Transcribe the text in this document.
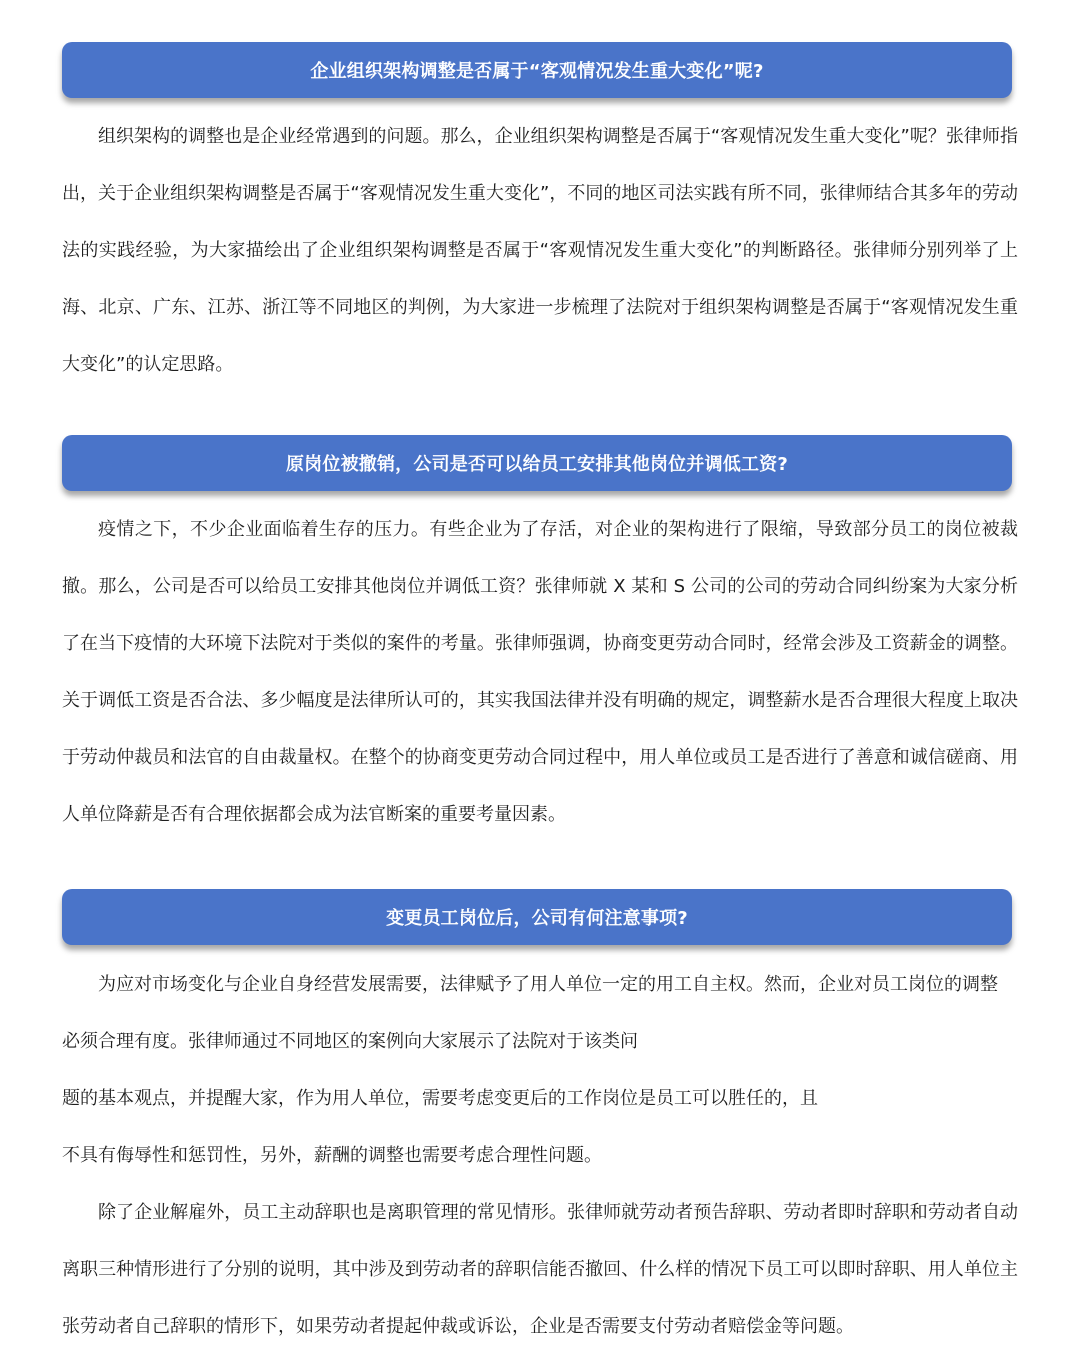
企业组织架构调整是否属于“客观情况发生重大变化”呢?

组织架构的调整也是企业经常遇到的问题。那么，企业组织架构调整是否属于“客观情况发生重大变化”呢？张律师指出，关于企业组织架构调整是否属于“客观情况发生重大变化”，不同的地区司法实践有所不同，张律师结合其多年的劳动法的实践经验，为大家描绘出了企业组织架构调整是否属于“客观情况发生重大变化”的判断路径。张律师分别列举了上海、北京、广东、江苏、浙江等不同地区的判例，为大家进一步梳理了法院对于组织架构调整是否属于“客观情况发生重大变化”的认定思路。

原岗位被撤销，公司是否可以给员工安排其他岗位并调低工资?

疫情之下，不少企业面临着生存的压力。有些企业为了存活，对企业的架构进行了限缩，导致部分员工的岗位被裁撤。那么，公司是否可以给员工安排其他岗位并调低工资？张律师就 X 某和 S 公司的公司的劳动合同纠纷案为大家分析了在当下疫情的大环境下法院对于类似的案件的考量。张律师强调，协商变更劳动合同时，经常会涉及工资薪金的调整。关于调低工资是否合法、多少幅度是法律所认可的，其实我国法律并没有明确的规定，调整薪水是否合理很大程度上取决于劳动仲裁员和法官的自由裁量权。在整个的协商变更劳动合同过程中，用人单位或员工是否进行了善意和诚信磋商、用人单位降薪是否有合理依据都会成为法官断案的重要考量因素。

变更员工岗位后，公司有何注意事项?

为应对市场变化与企业自身经营发展需要，法律赋予了用人单位一定的用工自主权。然而，企业对员工岗位的调整

必须合理有度。张律师通过不同地区的案例向大家展示了法院对于该类问

题的基本观点，并提醒大家，作为用人单位，需要考虑变更后的工作岗位是员工可以胜任的，且

不具有侮辱性和惩罚性，另外，薪酬的调整也需要考虑合理性问题。

除了企业解雇外，员工主动辞职也是离职管理的常见情形。张律师就劳动者预告辞职、劳动者即时辞职和劳动者自动离职三种情形进行了分别的说明，其中涉及到劳动者的辞职信能否撤回、什么样的情况下员工可以即时辞职、用人单位主张劳动者自己辞职的情形下，如果劳动者提起仲裁或诉讼，企业是否需要支付劳动者赔偿金等问题。
